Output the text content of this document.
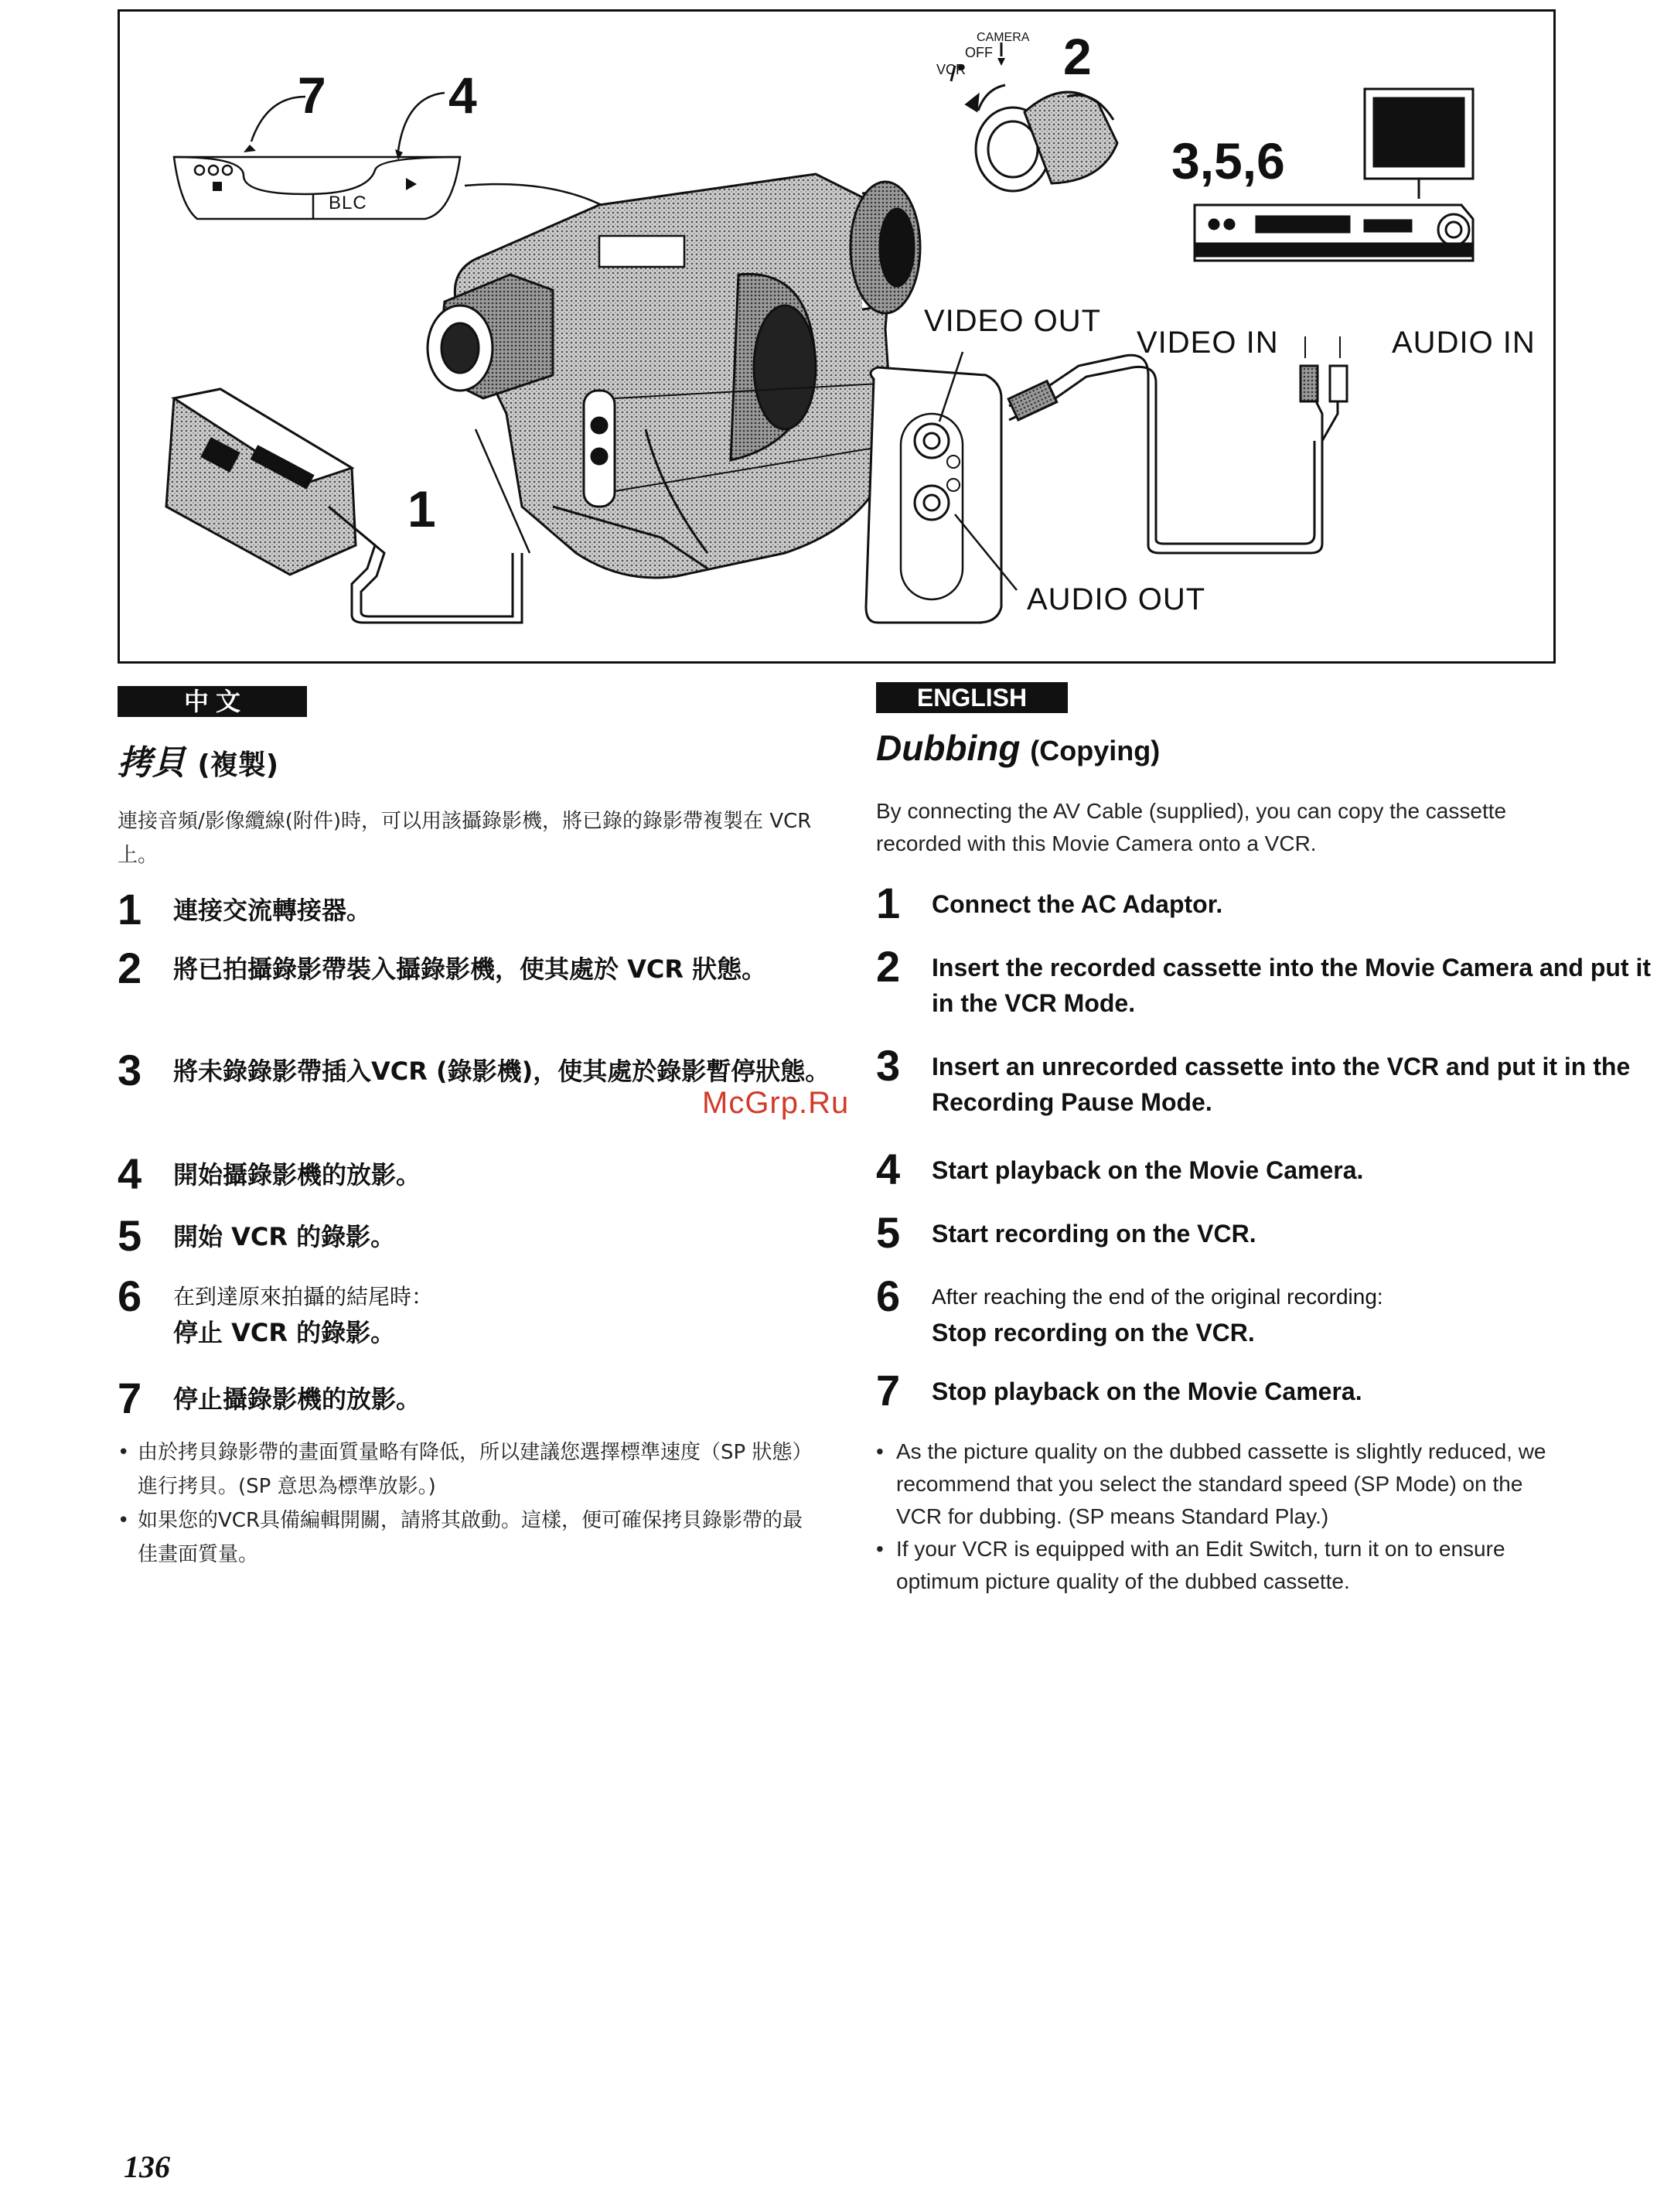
7 4
2
3,5,6
1
BLC
CAMERA
OFF
VCR
VIDEO OUT
VIDEO IN	AUDIO IN
AUDIO OUT
中 文
拷貝 (複製)
連接音頻/影像纜線(附件)時，可以用該攝錄影機，將已錄的錄影帶複製在 VCR 上。
1 連接交流轉接器。
2 將已拍攝錄影帶裝入攝錄影機，使其處於 VCR 狀態。
3 將未錄錄影帶插入VCR (錄影機)，使其處於錄影暫停狀態。
4 開始攝錄影機的放影。
5 開始 VCR 的錄影。
6 在到達原來拍攝的結尾時：
停止 VCR 的錄影。
7 停止攝錄影機的放影。
• 由於拷貝錄影帶的畫面質量略有降低，所以建議您選擇標準速度（SP 狀態）進行拷貝。(SP 意思為標準放影。)
• 如果您的VCR具備編輯開關，請將其啟動。這樣，便可確保拷貝錄影帶的最佳畫面質量。
ENGLISH
Dubbing (Copying)
By connecting the AV Cable (supplied), you can copy the cassette recorded with this Movie Camera onto a VCR.
1 Connect the AC Adaptor.
2 Insert the recorded cassette into the Movie Camera and put it in the VCR Mode.
3 Insert an unrecorded cassette into the VCR and put it in the Recording Pause Mode.
4 Start playback on the Movie Camera.
5 Start recording on the VCR.
6 After reaching the end of the original recording:
Stop recording on the VCR.
7 Stop playback on the Movie Camera.
• As the picture quality on the dubbed cassette is slightly reduced, we recommend that you select the standard speed (SP Mode) on the VCR for dubbing. (SP means Standard Play.)
• If your VCR is equipped with an Edit Switch, turn it on to ensure optimum picture quality of the dubbed cassette.
McGrp.Ru
136
